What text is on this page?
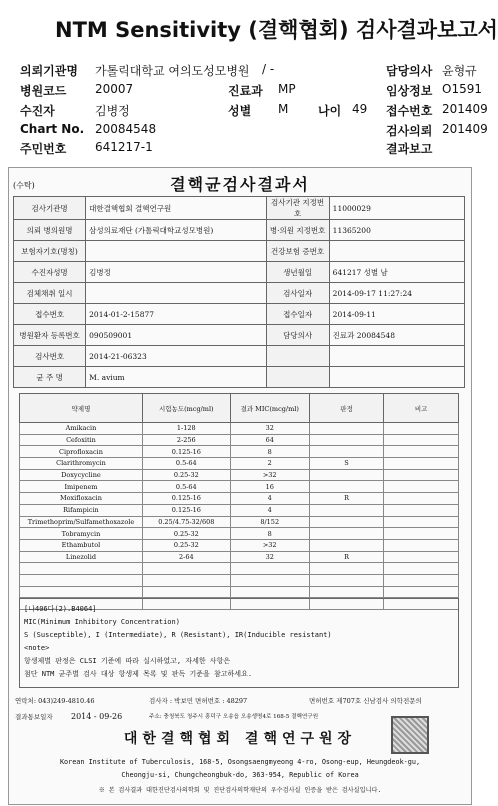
NTM Sensitivity (결핵협회) 검사결과보고서
의뢰기관명 가톨릭대학교 여의도성모병원 / -	담당의사 윤형규
병원코드 20007	진료과 MP	임상정보 O1591
수진자	김병정	성별 M 나이 49 접수번호 201409
Chart No. 20084548	검사의뢰 201409
주민번호 641217-1	결과보고
(수탁)	결핵균검사결과서
검사기관명	대한결핵협회 결핵연구원	검사기관 지정번호	11000029
의뢰 병의원명	삼성의료재단 (가톨릭대학교성모병원)	병·의원 지정번호	11365200
보험자기호(명칭)		건강보험 증번호	
수진자성명	김병정	생년월일	641217 성별 남
검체채취 일시		검사일자	2014-09-17 11:27:24
접수번호	2014-01-2-15877	접수일자	2014-09-11
병원환자 등록번호	090509001	담당의사	진료과 20084548
검사번호	2014-21-06323		
균 주 명	M. avium		
약제명	시험농도(mcg/ml)	결과 MIC(mcg/ml)	판정	비고
Amikacin	1-128	32		
Cefoxitin	2-256	64		
Ciprofloxacin	0.125-16	8		
Clarithromycin	0.5-64	2	S	
Doxycycline	0.25-32	>32		
Imipenem	0.5-64	16		
Moxifloxacin	0.125-16	4	R	
Rifampicin	0.125-16	4		
Trimethoprim/Sulfamethoxazole	0.25/4.75-32/608	8/152		
Tobramycin	0.25-32	8		
Ethambutol	0.25-32	>32		
Linezolid	2-64	32	R	

[나406다(2).B4064]
MIC(Minimum Inhibitory Concentration)
S (Susceptible), I (Intermediate), R (Resistant), IR(Inducible resistant)
<note>
항생제별 판정은 CLSI 기준에 따라 실시하였고, 자세한 사항은
첨단 NTM 균주별 검사 대상 항생제 목록 및 판독 기준을 참고하세요.
연락처: 043)249-4810.46	검사자 : 박보민 면허번호 : 48297	면허번호 제707호 신남검사 의학전문의
결과통보일자 2014 - 09-26	주소: 충청북도 청주시 흥덕구 오송읍 오송생명4로 168-5 결핵연구원
대한결핵협회 결핵연구원장
Korean Institute of Tuberculosis, 168-5, Osongsaengmyeong 4-ro, Osong-eup, Heungdeok-gu,
Cheongju-si, Chungcheongbuk-do, 363-954, Republic of Korea
※ 본 검사결과 대한진단검사의학회 및 진단검사의학재단의 우수검사실 인증을 받은 검사실입니다.
